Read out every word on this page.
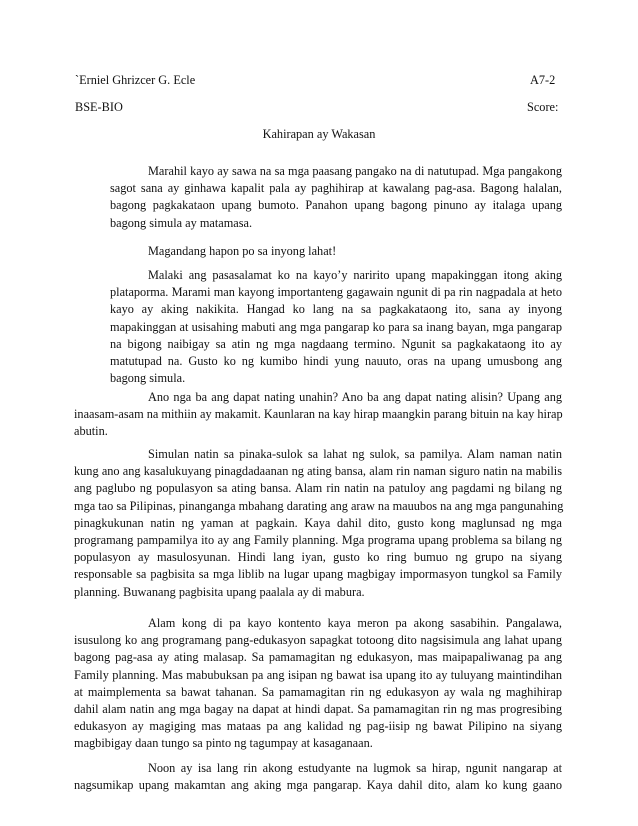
`Erniel Ghrizcer G. Ecle	A7-2
BSE-BIO	Score:
Kahirapan ay Wakasan
Marahil kayo ay sawa na sa mga paasang pangako na di natutupad. Mga pangakong
sagot sana ay ginhawa kapalit pala ay paghihirap at kawalang pag-asa. Bagong halalan,
bagong pagkakataon upang bumoto. Panahon upang bagong pinuno ay italaga upang
bagong simula ay matamasa.
Magandang hapon po sa inyong lahat!
Malaki ang pasasalamat ko na kayo’y naririto upang mapakinggan itong aking
plataporma. Marami man kayong importanteng gagawain ngunit di pa rin nagpadala at heto
kayo ay aking nakikita. Hangad ko lang na sa pagkakataong ito, sana ay inyong
mapakinggan at usisahing mabuti ang mga pangarap ko para sa inang bayan, mga pangarap
na bigong naibigay sa atin ng mga nagdaang termino. Ngunit sa pagkakataong ito ay
matutupad na. Gusto ko ng kumibo hindi yung nauuto, oras na upang umusbong ang
bagong simula.
Ano nga ba ang dapat nating unahin? Ano ba ang dapat nating alisin? Upang ang
inaasam-asam na mithiin ay makamit. Kaunlaran na kay hirap maangkin parang bituin na kay hirap
abutin.
Simulan natin sa pinaka-sulok sa lahat ng sulok, sa pamilya. Alam naman natin
kung ano ang kasalukuyang pinagdadaanan ng ating bansa, alam rin naman siguro natin na mabilis
ang paglubo ng populasyon sa ating bansa. Alam rin natin na patuloy ang pagdami ng bilang ng
mga tao sa Pilipinas, pinanganga mbahang darating ang araw na mauubos na ang mga pangunahing
pinagkukunan natin ng yaman at pagkain. Kaya dahil dito, gusto kong maglunsad ng mga
programang pampamilya ito ay ang Family planning. Mga programa upang problema sa bilang ng
populasyon ay masulosyunan. Hindi lang iyan, gusto ko ring bumuo ng grupo na siyang
responsable sa pagbisita sa mga liblib na lugar upang magbigay impormasyon tungkol sa Family
planning. Buwanang pagbisita upang paalala ay di mabura.
Alam kong di pa kayo kontento kaya meron pa akong sasabihin. Pangalawa,
isusulong ko ang programang pang-edukasyon sapagkat totoong dito nagsisimula ang lahat upang
bagong pag-asa ay ating malasap. Sa pamamagitan ng edukasyon, mas maipapaliwanag pa ang
Family planning. Mas mabubuksan pa ang isipan ng bawat isa upang ito ay tuluyang maintindihan
at maimplementa sa bawat tahanan. Sa pamamagitan rin ng edukasyon ay wala ng maghihirap
dahil alam natin ang mga bagay na dapat at hindi dapat. Sa pamamagitan rin ng mas progresibing
edukasyon ay magiging mas mataas pa ang kalidad ng pag-iisip ng bawat Pilipino na siyang
magbibigay daan tungo sa pinto ng tagumpay at kasaganaan.
Noon ay isa lang rin akong estudyante na lugmok sa hirap, ngunit nangarap at
nagsumikap upang makamtan ang aking mga pangarap. Kaya dahil dito, alam ko kung gaano
